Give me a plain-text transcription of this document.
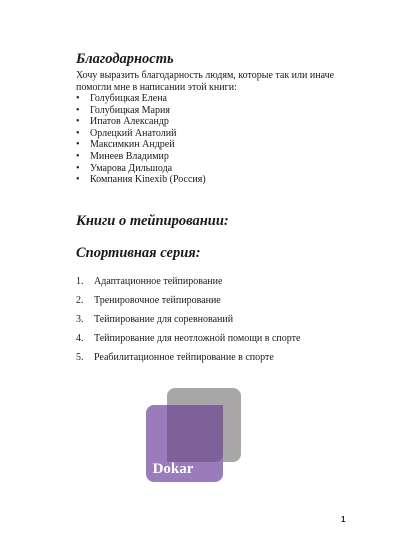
Благодарность

Хочу выразить благодарность людям, которые так или иначе помогли мне в написании этой книги:

• Голубицкая Елена
• Голубицкая Мария
• Ипатов Александр
• Орлецкий Анатолий
• Максимкин Андрей
• Минеев Владимир
• Умарова Дильшода
• Компания Kinexib (Россия)
Книги о тейпировании:
Спортивная серия:
1. Адаптационное тейпирование
2. Тренировочное тейпирование
3. Тейпирование для соревнований
4. Тейпирование для неотложной помощи в спорте
5. Реабилитационное тейпирование в спорте
Dokar
1
